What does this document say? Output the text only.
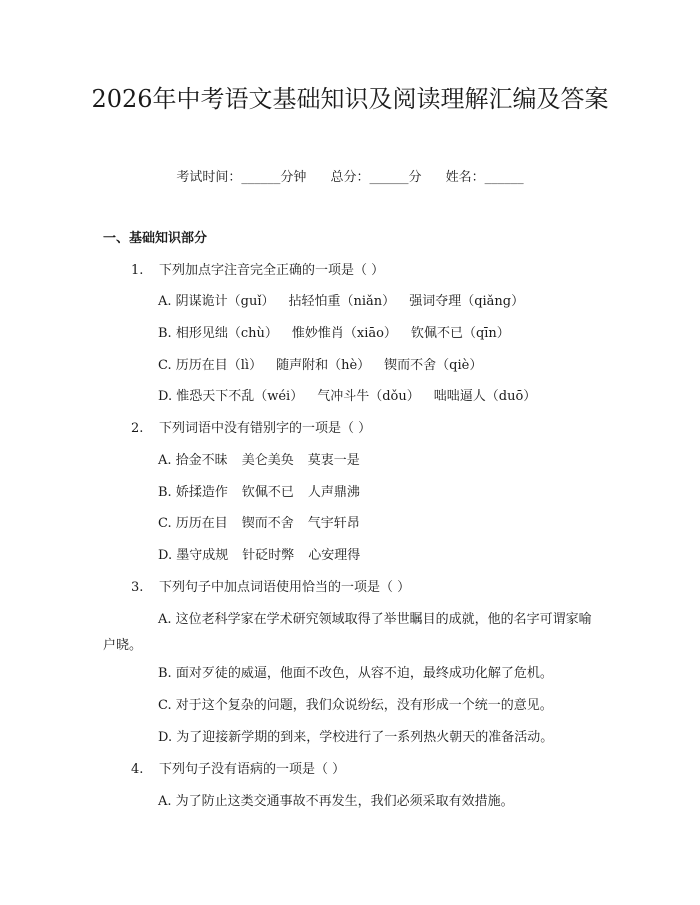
2026年中考语文基础知识及阅读理解汇编及答案
考试时间：______分钟 总分：______分 姓名：______
一、基础知识部分
1. 下列加点字注音完全正确的一项是（ ）
A. 阴谋诡计（guǐ） 拈轻怕重（niǎn） 强词夺理（qiǎng）
B. 相形见绌（chù） 惟妙惟肖（xiāo） 钦佩不已（qīn）
C. 历历在目（lì） 随声附和（hè） 锲而不舍（qiè）
D. 惟恐天下不乱（wéi） 气冲斗牛（dǒu） 咄咄逼人（duō）
2. 下列词语中没有错别字的一项是（ ）
A. 拾金不昧 美仑美奂 莫衷一是
B. 娇揉造作 钦佩不已 人声鼎沸
C. 历历在目 锲而不舍 气宇轩昂
D. 墨守成规 针砭时弊 心安理得
3. 下列句子中加点词语使用恰当的一项是（ ）

A. 这位老科学家在学术研究领域取得了举世瞩目的成就，他的名字可谓家喻户晓。

B. 面对歹徒的威逼，他面不改色，从容不迫，最终成功化解了危机。
C. 对于这个复杂的问题，我们众说纷纭，没有形成一个统一的意见。
D. 为了迎接新学期的到来，学校进行了一系列热火朝天的准备活动。
4. 下列句子没有语病的一项是（ ）
A. 为了防止这类交通事故不再发生，我们必须采取有效措施。
